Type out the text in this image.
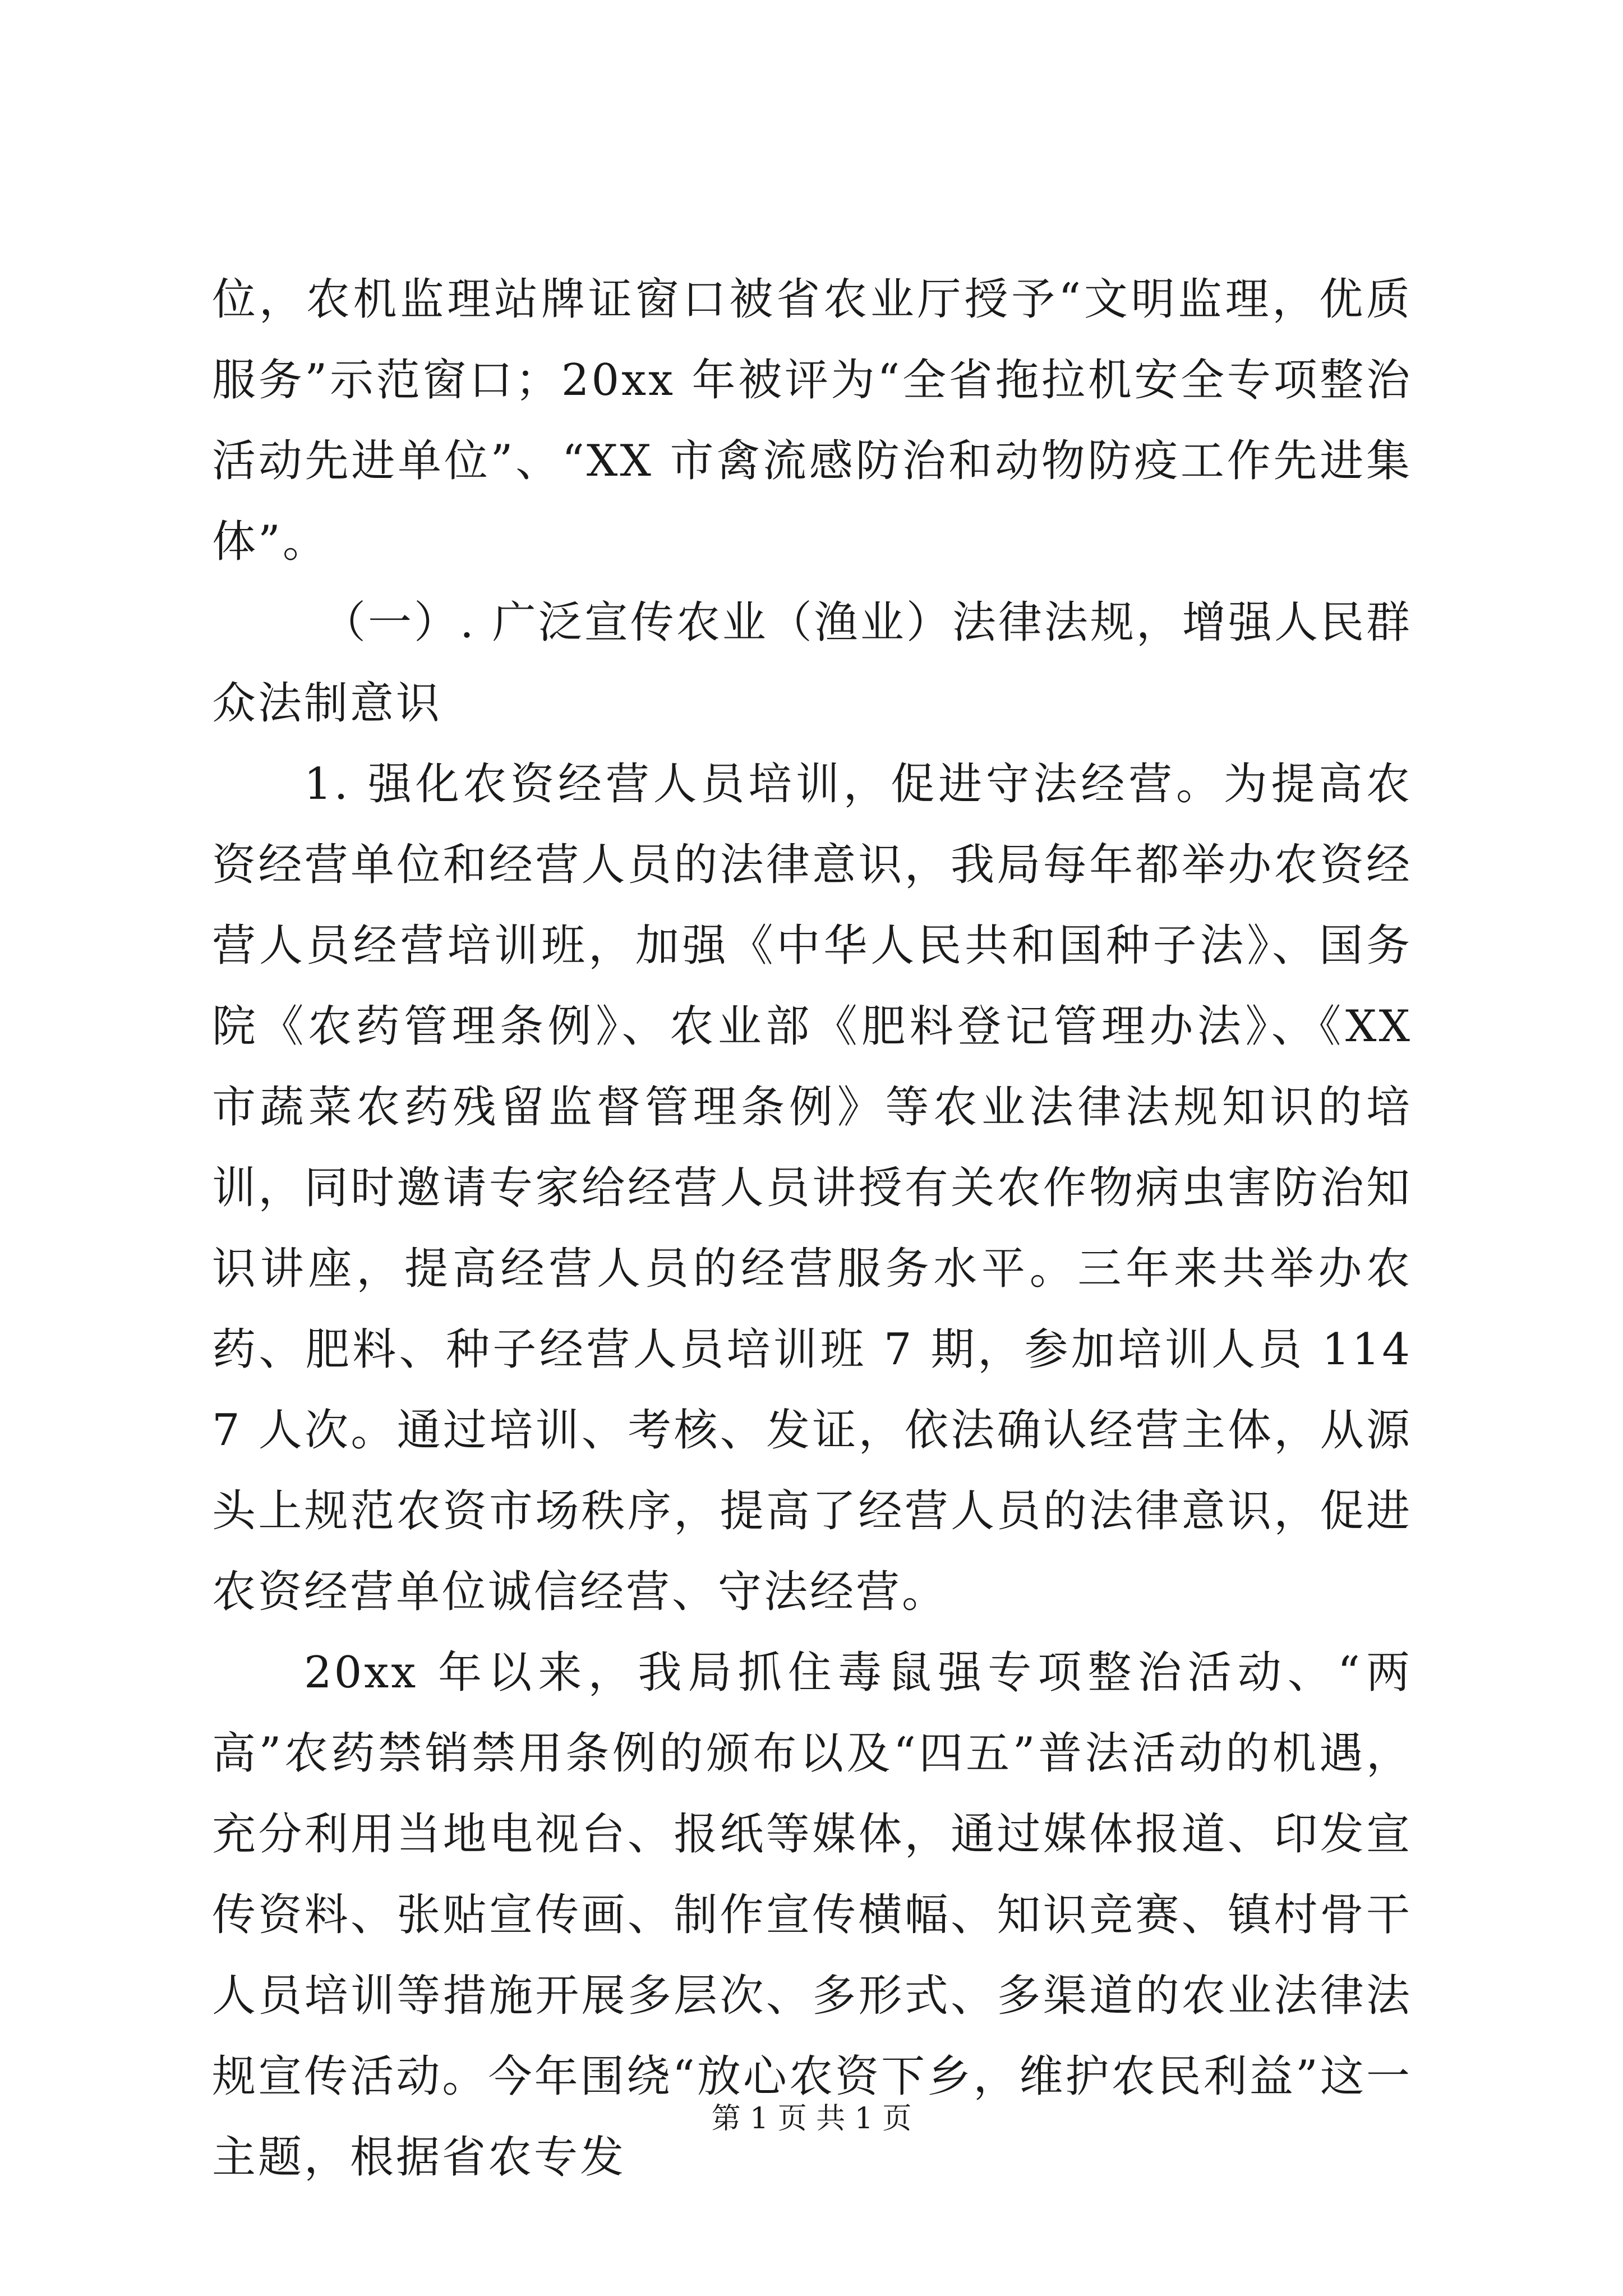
位，农机监理站牌证窗口被省农业厅授予“文明监理，优质服务”示范窗口；20xx 年被评为“全省拖拉机安全专项整治活动先进单位”、“XX 市禽流感防治和动物防疫工作先进集体”。

（一）. 广泛宣传农业（渔业）法律法规，增强人民群众法制意识

1. 强化农资经营人员培训，促进守法经营。为提高农资经营单位和经营人员的法律意识，我局每年都举办农资经营人员经营培训班，加强《中华人民共和国种子法》、国务院《农药管理条例》、农业部《肥料登记管理办法》、《XX 市蔬菜农药残留监督管理条例》等农业法律法规知识的培训，同时邀请专家给经营人员讲授有关农作物病虫害防治知识讲座，提高经营人员的经营服务水平。三年来共举办农药、肥料、种子经营人员培训班 7 期，参加培训人员 1147 人次。通过培训、考核、发证，依法确认经营主体，从源头上规范农资市场秩序，提高了经营人员的法律意识，促进农资经营单位诚信经营、守法经营。

20xx 年以来，我局抓住毒鼠强专项整治活动、“两高”农药禁销禁用条例的颁布以及“四五”普法活动的机遇，充分利用当地电视台、报纸等媒体，通过媒体报道、印发宣传资料、张贴宣传画、制作宣传横幅、知识竞赛、镇村骨干人员培训等措施开展多层次、多形式、多渠道的农业法律法规宣传活动。今年围绕“放心农资下乡，维护农民利益”这一主题，根据省农专发

第 1 页 共 1 页
